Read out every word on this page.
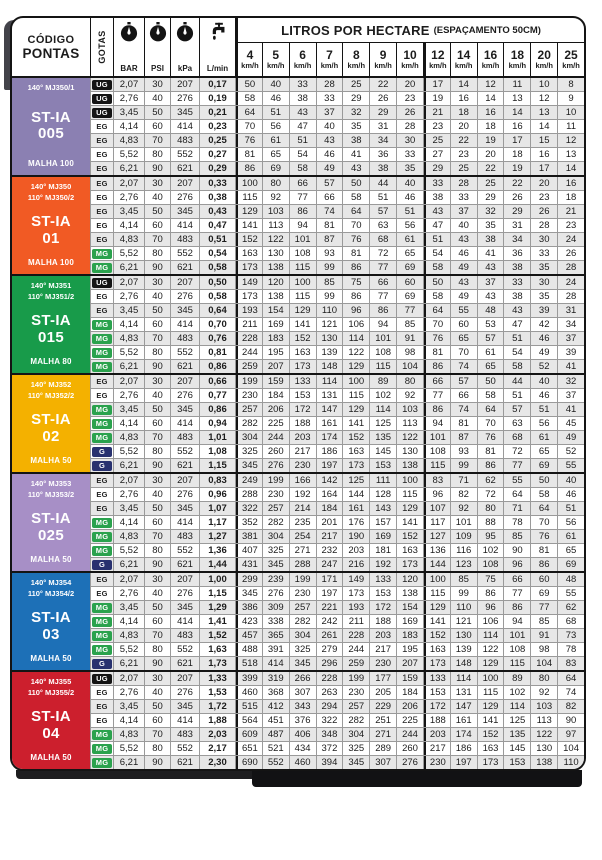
CÓDIGO
PONTAS GOTAS
BAR PSI kPa L/min
LITROS POR HECTARE (ESPAÇAMENTO 50CM)
4
km/h
5
km/h
6
km/h
7
km/h
8
km/h
9
km/h
10
km/h
12
km/h
14
km/h
16
km/h
18
km/h
20
km/h
25
km/h
140° MJ350/1
ST-IA
005
MALHA 100
UG	2,07	30	207	0,17	50	40	33	28	25	22	20	17	14	12	11	10	8
UG	2,76	40	276	0,19	58	46	38	33	29	26	23	19	16	14	13	12	9
UG	3,45	50	345	0,21	64	51	43	37	32	29	26	21	18	16	14	13	10
EG	4,14	60	414	0,23	70	56	47	40	35	31	28	23	20	18	16	14	11
EG	4,83	70	483	0,25	76	61	51	43	38	34	30	25	22	19	17	15	12
EG	5,52	80	552	0,27	81	65	54	46	41	36	33	27	23	20	18	16	13
EG	6,21	90	621	0,29	86	69	58	49	43	38	35	29	25	22	19	17	14
140° MJ350
110° MJ350/2
ST-IA
01
MALHA 100
EG	2,07	30	207	0,33	100	80	66	57	50	44	40	33	28	25	22	20	16
EG	2,76	40	276	0,38	115	92	77	66	58	51	46	38	33	29	26	23	18
EG	3,45	50	345	0,43	129	103	86	74	64	57	51	43	37	32	29	26	21
EG	4,14	60	414	0,47	141	113	94	81	70	63	56	47	40	35	31	28	23
EG	4,83	70	483	0,51	152	122	101	87	76	68	61	51	43	38	34	30	24
MG	5,52	80	552	0,54	163	130	108	93	81	72	65	54	46	41	36	33	26
MG	6,21	90	621	0,58	173	138	115	99	86	77	69	58	49	43	38	35	28
140° MJ351
110° MJ351/2
ST-IA
015
MALHA 80
UG	2,07	30	207	0,50	149	120	100	85	75	66	60	50	43	37	33	30	24
EG	2,76	40	276	0,58	173	138	115	99	86	77	69	58	49	43	38	35	28
EG	3,45	50	345	0,64	193	154	129	110	96	86	77	64	55	48	43	39	31
MG	4,14	60	414	0,70	211	169	141	121	106	94	85	70	60	53	47	42	34
MG	4,83	70	483	0,76	228	183	152	130	114	101	91	76	65	57	51	46	37
MG	5,52	80	552	0,81	244	195	163	139	122	108	98	81	70	61	54	49	39
MG	6,21	90	621	0,86	259	207	173	148	129	115	104	86	74	65	58	52	41
140° MJ352
110° MJ352/2
ST-IA
02
MALHA 50
EG	2,07	30	207	0,66	199	159	133	114	100	89	80	66	57	50	44	40	32
EG	2,76	40	276	0,77	230	184	153	131	115	102	92	77	66	58	51	46	37
MG	3,45	50	345	0,86	257	206	172	147	129	114	103	86	74	64	57	51	41
MG	4,14	60	414	0,94	282	225	188	161	141	125	113	94	81	70	63	56	45
MG	4,83	70	483	1,01	304	244	203	174	152	135	122	101	87	76	68	61	49
G	5,52	80	552	1,08	325	260	217	186	163	145	130	108	93	81	72	65	52
G	6,21	90	621	1,15	345	276	230	197	173	153	138	115	99	86	77	69	55
140° MJ353
110° MJ353/2
ST-IA
025
MALHA 50
EG	2,07	30	207	0,83	249	199	166	142	125	111	100	83	71	62	55	50	40
EG	2,76	40	276	0,96	288	230	192	164	144	128	115	96	82	72	64	58	46
EG	3,45	50	345	1,07	322	257	214	184	161	143	129	107	92	80	71	64	51
MG	4,14	60	414	1,17	352	282	235	201	176	157	141	117	101	88	78	70	56
MG	4,83	70	483	1,27	381	304	254	217	190	169	152	127	109	95	85	76	61
MG	5,52	80	552	1,36	407	325	271	232	203	181	163	136	116	102	90	81	65
G	6,21	90	621	1,44	431	345	288	247	216	192	173	144	123	108	96	86	69
140° MJ354
110° MJ354/2
ST-IA
03
MALHA 50
EG	2,07	30	207	1,00	299	239	199	171	149	133	120	100	85	75	66	60	48
EG	2,76	40	276	1,15	345	276	230	197	173	153	138	115	99	86	77	69	55
MG	3,45	50	345	1,29	386	309	257	221	193	172	154	129	110	96	86	77	62
MG	4,14	60	414	1,41	423	338	282	242	211	188	169	141	121	106	94	85	68
MG	4,83	70	483	1,52	457	365	304	261	228	203	183	152	130	114	101	91	73
MG	5,52	80	552	1,63	488	391	325	279	244	217	195	163	139	122	108	98	78
G	6,21	90	621	1,73	518	414	345	296	259	230	207	173	148	129	115	104	83
140° MJ355
110° MJ355/2
ST-IA
04
MALHA 50
UG	2,07	30	207	1,33	399	319	266	228	199	177	159	133	114	100	89	80	64
EG	2,76	40	276	1,53	460	368	307	263	230	205	184	153	131	115	102	92	74
EG	3,45	50	345	1,72	515	412	343	294	257	229	206	172	147	129	114	103	82
EG	4,14	60	414	1,88	564	451	376	322	282	251	225	188	161	141	125	113	90
MG	4,83	70	483	2,03	609	487	406	348	304	271	244	203	174	152	135	122	97
MG	5,52	80	552	2,17	651	521	434	372	325	289	260	217	186	163	145	130	104
MG	6,21	90	621	2,30	690	552	460	394	345	307	276	230	197	173	153	138	110
